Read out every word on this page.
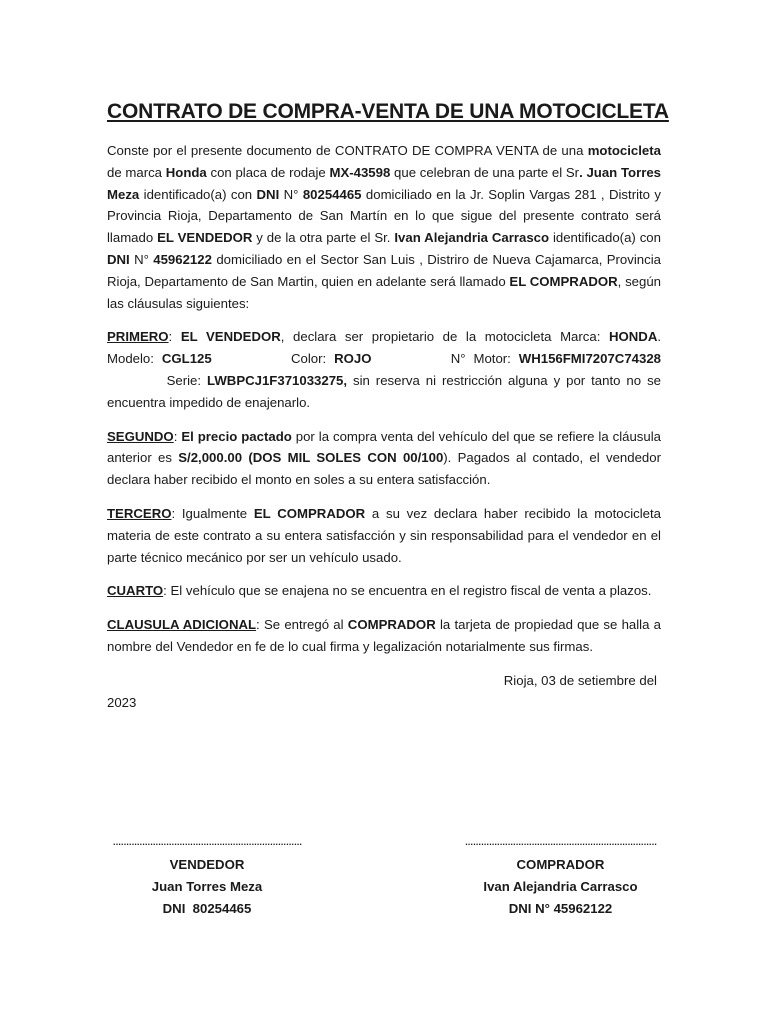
CONTRATO DE COMPRA-VENTA DE UNA MOTOCICLETA

Conste por el presente documento de CONTRATO DE COMPRA VENTA de una motocicleta de marca Honda con placa de rodaje MX-43598 que celebran de una parte el Sr. Juan Torres Meza identificado(a) con DNI N° 80254465 domiciliado en la Jr. Soplin Vargas 281 , Distrito y Provincia Rioja, Departamento de San Martín en lo que sigue del presente contrato será llamado EL VENDEDOR y de la otra parte el Sr. Ivan Alejandria Carrasco identificado(a) con DNI N° 45962122 domiciliado en el Sector San Luis , Distriro de Nueva Cajamarca, Provincia Rioja, Departamento de San Martin, quien en adelante será llamado EL COMPRADOR, según las cláusulas siguientes:

PRIMERO: EL VENDEDOR, declara ser propietario de la motocicleta Marca: HONDA. Modelo: CGL125          Color: ROJO          N° Motor: WH156FMI7207C74328          Serie: LWBPCJ1F371033275, sin reserva ni restricción alguna y por tanto no se encuentra impedido de enajenarlo.

SEGUNDO: El precio pactado por la compra venta del vehículo del que se refiere la cláusula anterior es S/2,000.00 (DOS MIL SOLES CON 00/100). Pagados al contado, el vendedor declara haber recibido el monto en soles a su entera satisfacción.

TERCERO: Igualmente EL COMPRADOR a su vez declara haber recibido la motocicleta materia de este contrato a su entera satisfacción y sin responsabilidad para el vendedor en el parte técnico mecánico por ser un vehículo usado.

CUARTO: El vehículo que se enajena no se encuentra en el registro fiscal de venta a plazos.

CLAUSULA ADICIONAL: Se entregó al COMPRADOR la tarjeta de propiedad que se halla a nombre del Vendedor en fe de lo cual firma y legalización notarialmente sus firmas.

Rioja, 03 de setiembre del

2023

.......................................................................
VENDEDOR
Juan Torres Meza
DNI  80254465
........................................................................
COMPRADOR
Ivan Alejandria Carrasco
DNI N° 45962122
